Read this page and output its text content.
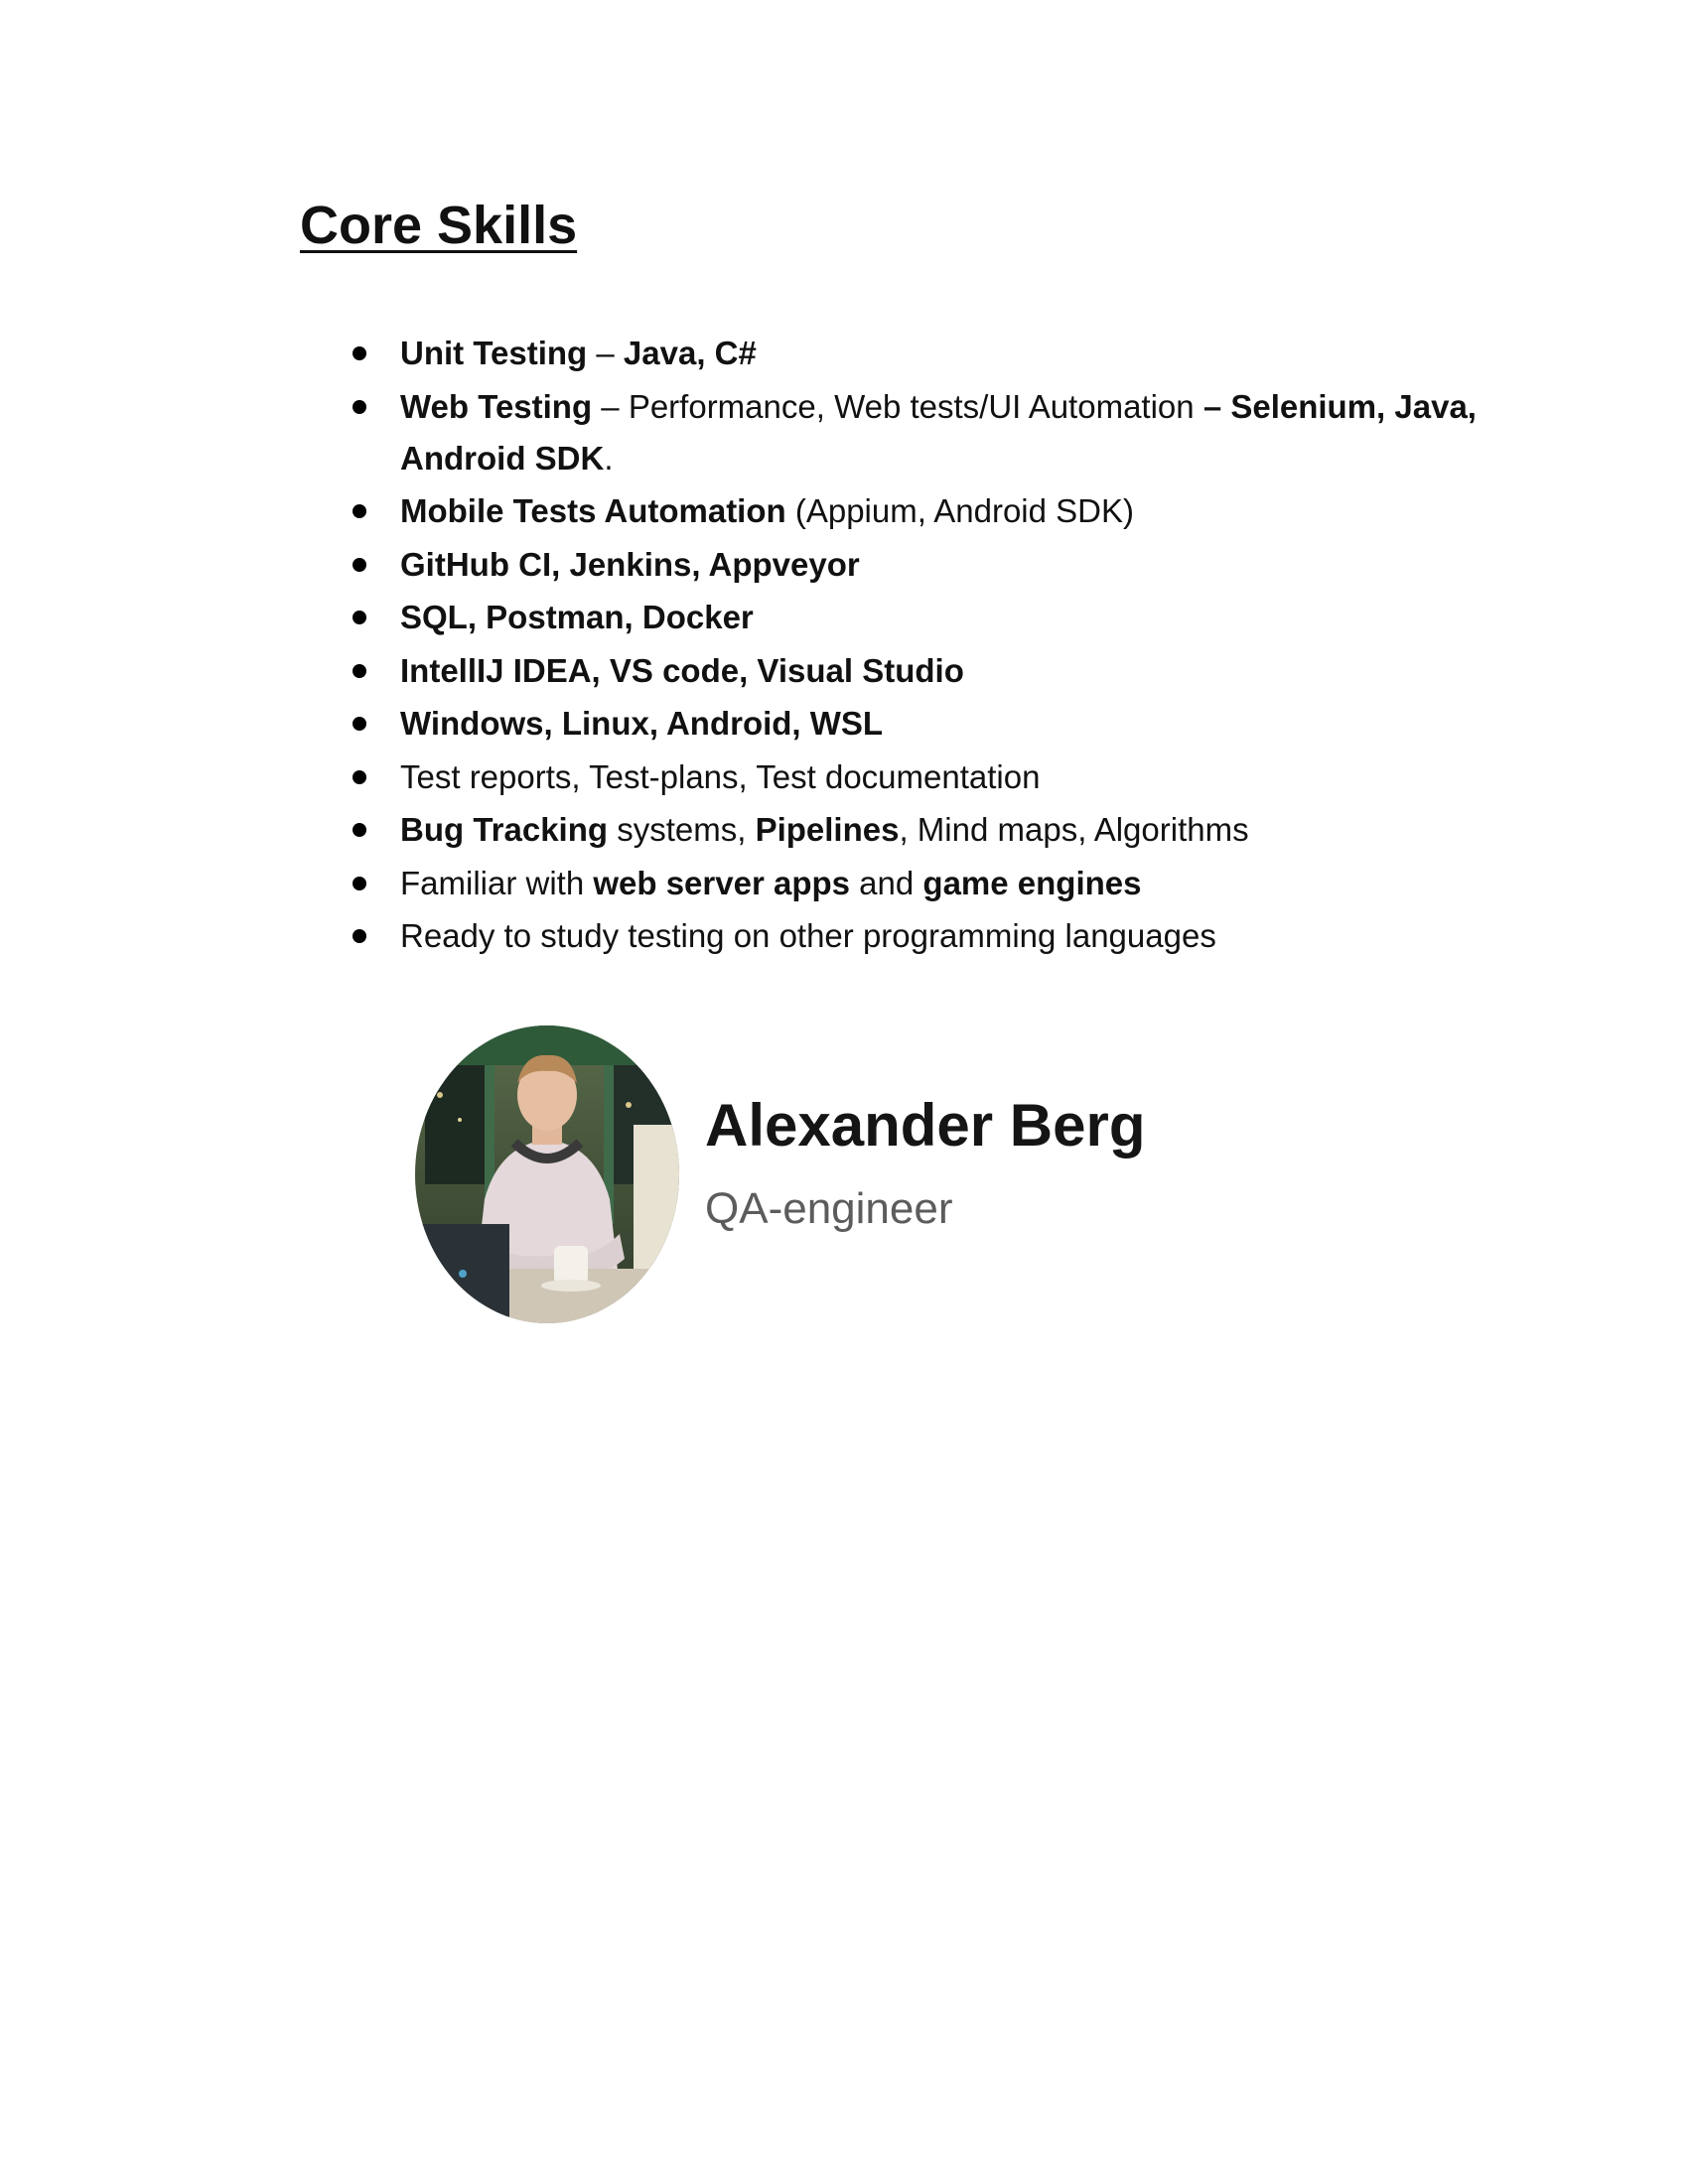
Core Skills
Unit Testing – Java, C#
Web Testing – Performance, Web tests/UI Automation – Selenium, Java, Android SDK.
Mobile Tests Automation (Appium, Android SDK)
GitHub CI, Jenkins, Appveyor
SQL, Postman, Docker
IntellIJ IDEA, VS code, Visual Studio
Windows, Linux, Android, WSL
Test reports, Test-plans, Test documentation
Bug Tracking systems, Pipelines, Mind maps, Algorithms
Familiar with web server apps and game engines
Ready to study testing on other programming languages
Alexander Berg

QA-engineer
